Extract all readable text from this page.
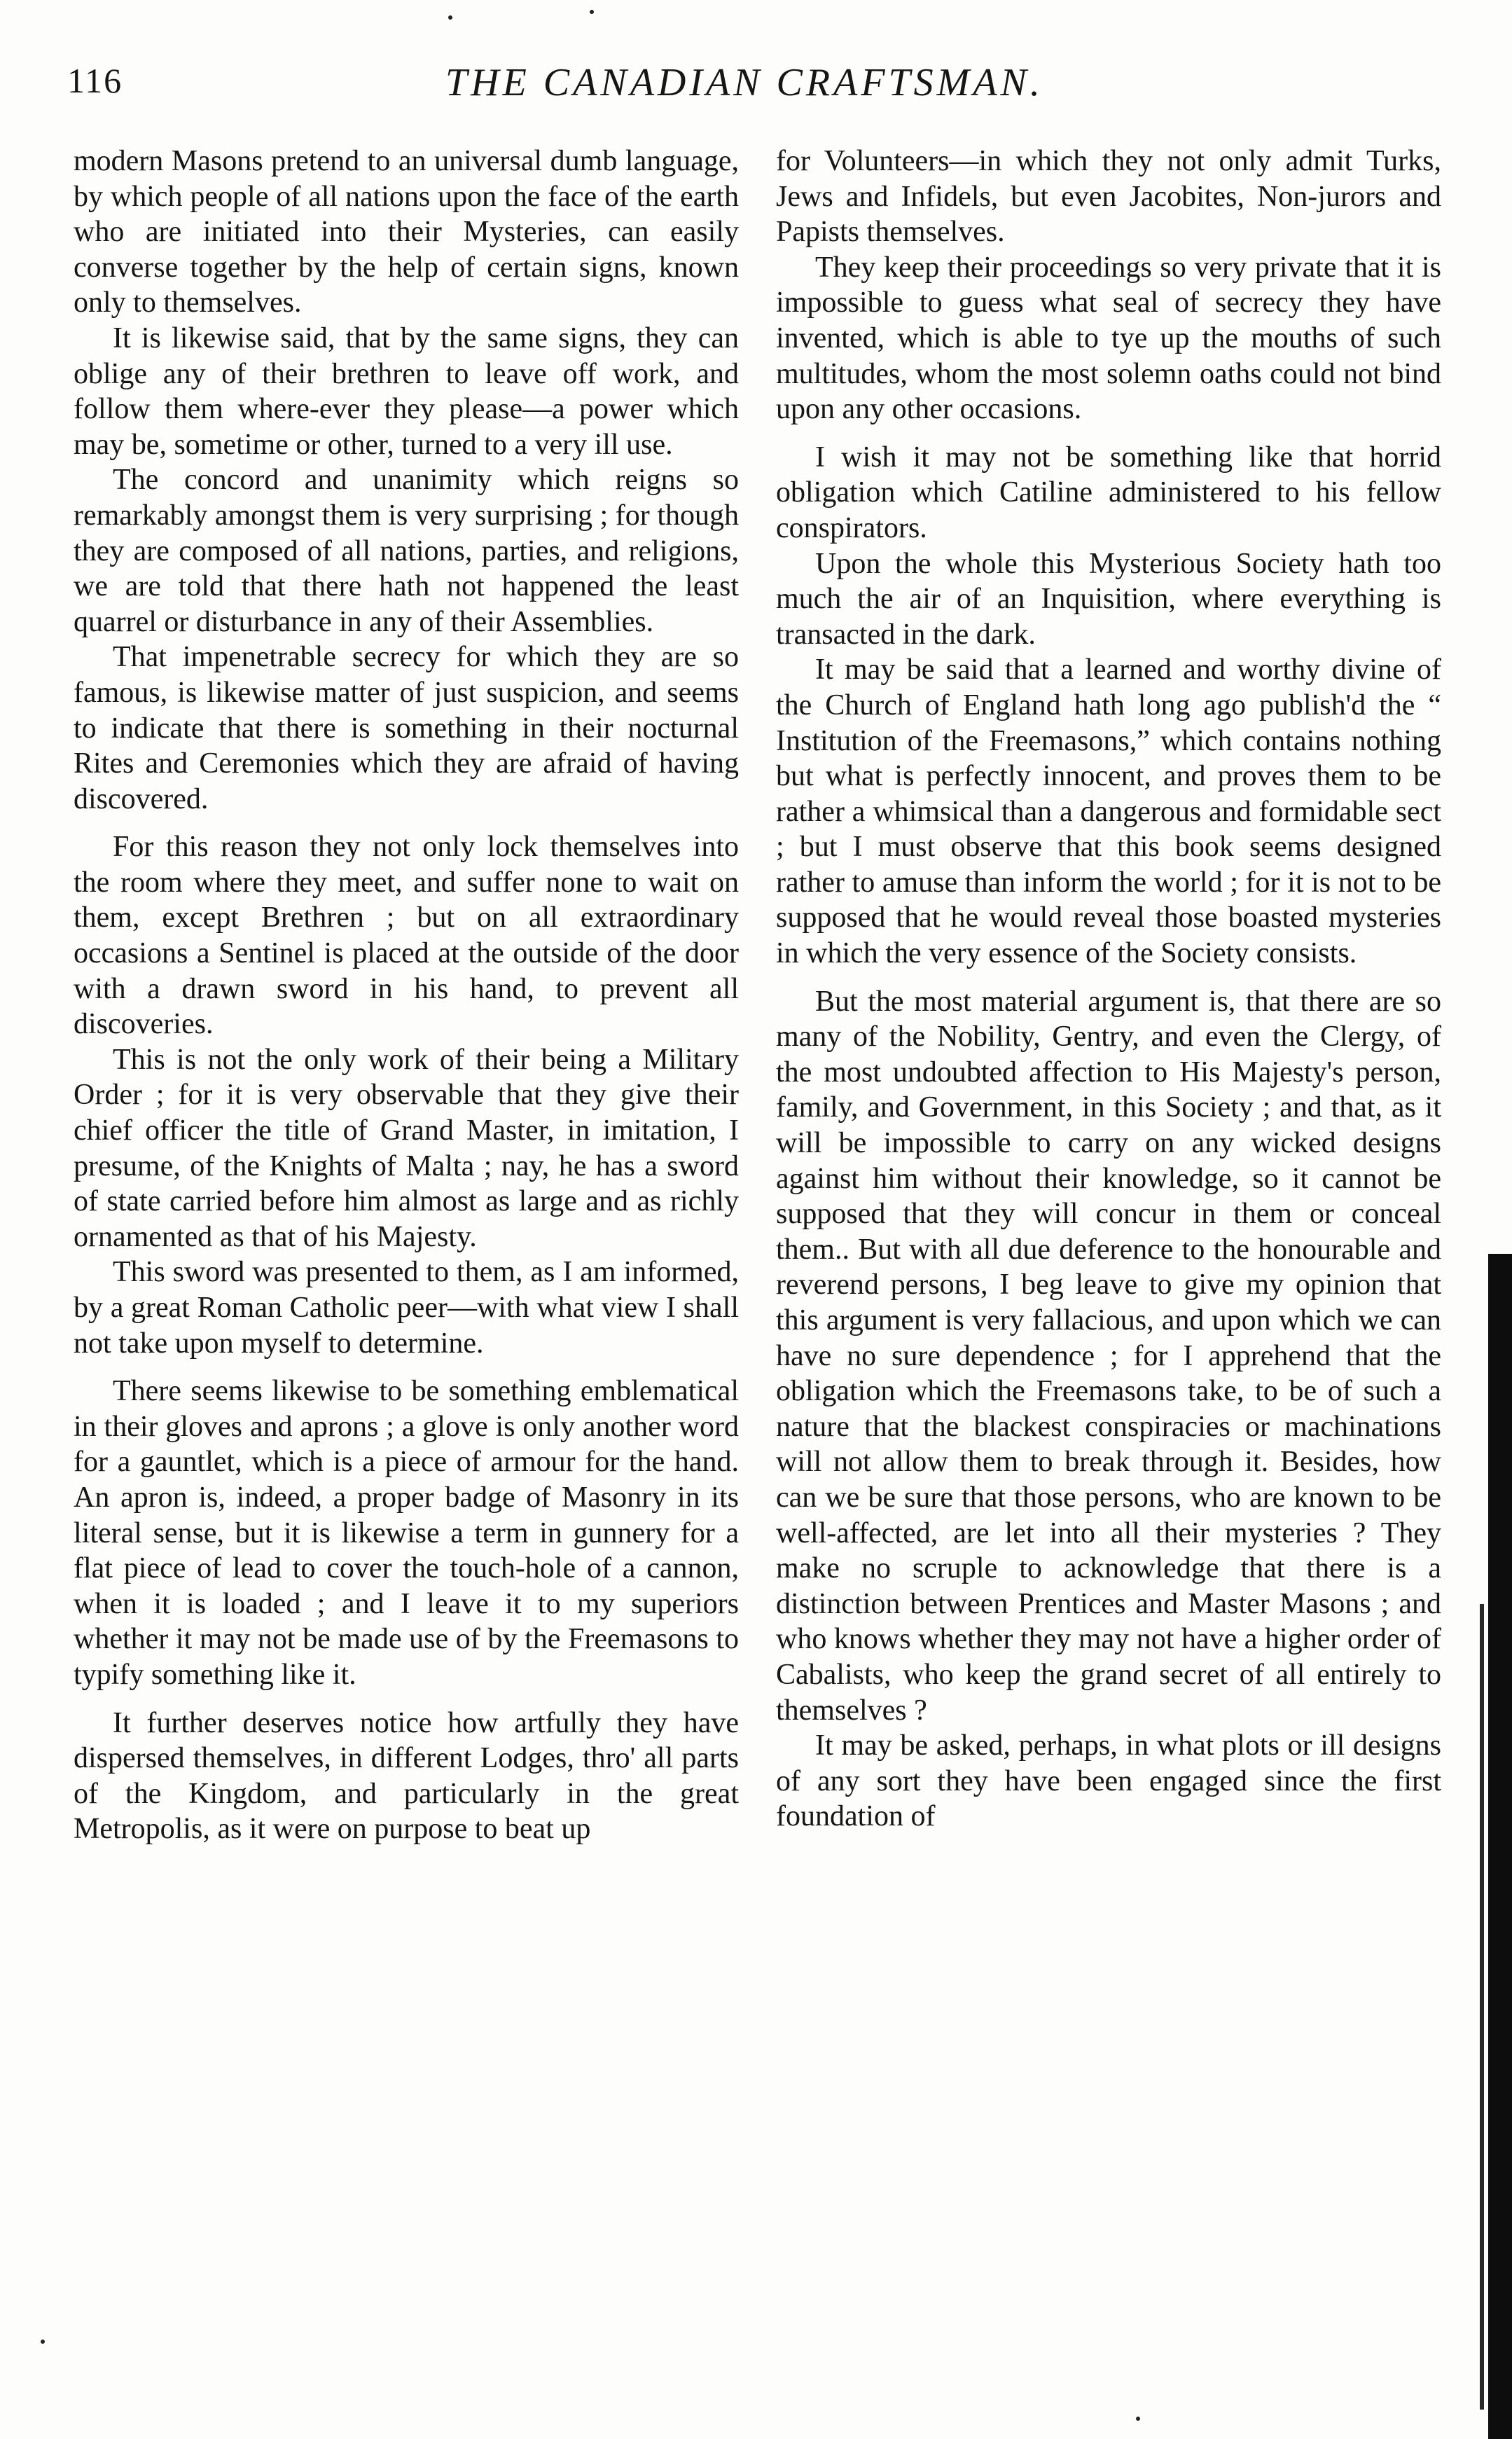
116	THE CANADIAN CRAFTSMAN.

modern Masons pretend to an universal dumb language, by which people of all nations upon the face of the earth who are initiated into their Mysteries, can easily converse together by the help of certain signs, known only to themselves.

It is likewise said, that by the same signs, they can oblige any of their brethren to leave off work, and follow them where-ever they please—a power which may be, sometime or other, turned to a very ill use.

The concord and unanimity which reigns so remarkably amongst them is very surprising ; for though they are composed of all nations, parties, and religions, we are told that there hath not happened the least quarrel or disturbance in any of their Assemblies.

That impenetrable secrecy for which they are so famous, is likewise matter of just suspicion, and seems to indicate that there is something in their nocturnal Rites and Ceremonies which they are afraid of having discovered.

For this reason they not only lock themselves into the room where they meet, and suffer none to wait on them, except Brethren ; but on all extraordinary occasions a Sentinel is placed at the outside of the door with a drawn sword in his hand, to prevent all discoveries.

This is not the only work of their being a Military Order ; for it is very observable that they give their chief officer the title of Grand Master, in imitation, I presume, of the Knights of Malta ; nay, he has a sword of state carried before him almost as large and as richly ornamented as that of his Majesty.

This sword was presented to them, as I am informed, by a great Roman Catholic peer—with what view I shall not take upon myself to determine.

There seems likewise to be something emblematical in their gloves and aprons ; a glove is only another word for a gauntlet, which is a piece of armour for the hand. An apron is, indeed, a proper badge of Masonry in its literal sense, but it is likewise a term in gunnery for a flat piece of lead to cover the touch-hole of a cannon, when it is loaded ; and I leave it to my superiors whether it may not be made use of by the Freemasons to typify something like it.

It further deserves notice how artfully they have dispersed themselves, in different Lodges, thro' all parts of the Kingdom, and particularly in the great Metropolis, as it were on purpose to beat up

for Volunteers—in which they not only admit Turks, Jews and Infidels, but even Jacobites, Non-jurors and Papists themselves.

They keep their proceedings so very private that it is impossible to guess what seal of secrecy they have invented, which is able to tye up the mouths of such multitudes, whom the most solemn oaths could not bind upon any other occasions.

I wish it may not be something like that horrid obligation which Catiline administered to his fellow conspirators.

Upon the whole this Mysterious Society hath too much the air of an Inquisition, where everything is transacted in the dark.

It may be said that a learned and worthy divine of the Church of England hath long ago publish'd the “ Institution of the Freemasons,” which contains nothing but what is perfectly innocent, and proves them to be rather a whimsical than a dangerous and formidable sect ; but I must observe that this book seems designed rather to amuse than inform the world ; for it is not to be supposed that he would reveal those boasted mysteries in which the very essence of the Society consists.

But the most material argument is, that there are so many of the Nobility, Gentry, and even the Clergy, of the most undoubted affection to His Majesty's person, family, and Government, in this Society ; and that, as it will be impossible to carry on any wicked designs against him without their knowledge, so it cannot be supposed that they will concur in them or conceal them.. But with all due deference to the honourable and reverend persons, I beg leave to give my opinion that this argument is very fallacious, and upon which we can have no sure dependence ; for I apprehend that the obligation which the Freemasons take, to be of such a nature that the blackest conspiracies or machinations will not allow them to break through it. Besides, how can we be sure that those persons, who are known to be well-affected, are let into all their mysteries ? They make no scruple to acknowledge that there is a distinction between Prentices and Master Masons ; and who knows whether they may not have a higher order of Cabalists, who keep the grand secret of all entirely to themselves ?

It may be asked, perhaps, in what plots or ill designs of any sort they have been engaged since the first foundation of
